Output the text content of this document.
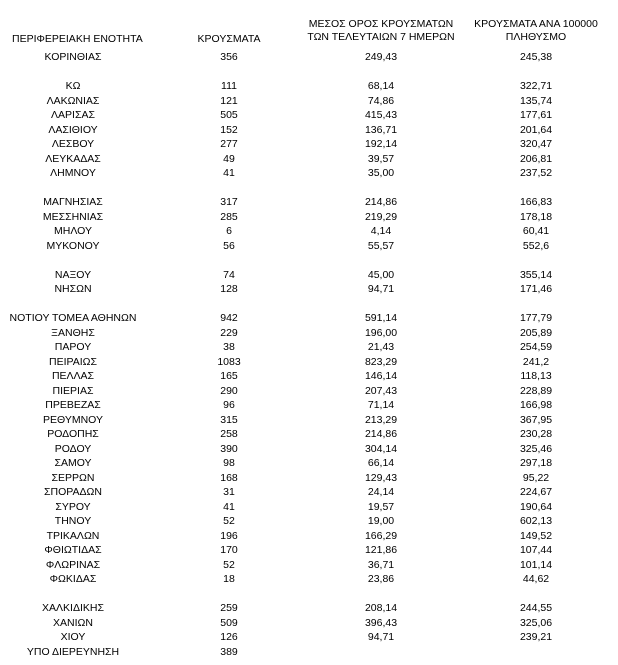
ΠΕΡΙΦΕΡΕΙΑΚΗ ΕΝΟΤΗΤΑ	ΚΡΟΥΣΜΑΤΑ
ΜΕΣΟΣ ΟΡΟΣ ΚΡΟΥΣΜΑΤΩΝ
ΤΩΝ ΤΕΛΕΥΤΑΙΩΝ 7 ΗΜΕΡΩΝ
ΚΡΟΥΣΜΑΤΑ ΑΝΑ 100000
ΠΛΗΘΥΣΜΟ
ΚΟΡΙΝΘΙΑΣ	356	249,43	245,38
ΚΩ	111	68,14	322,71
ΛΑΚΩΝΙΑΣ	121	74,86	135,74
ΛΑΡΙΣΑΣ	505	415,43	177,61
ΛΑΣΙΘΙΟΥ	152	136,71	201,64
ΛΕΣΒΟΥ	277	192,14	320,47
ΛΕΥΚΑΔΑΣ	49	39,57	206,81
ΛΗΜΝΟΥ	41	35,00	237,52
ΜΑΓΝΗΣΙΑΣ	317	214,86	166,83
ΜΕΣΣΗΝΙΑΣ	285	219,29	178,18
ΜΗΛΟΥ	6	4,14	60,41
ΜΥΚΟΝΟΥ	56	55,57	552,6
ΝΑΞΟΥ	74	45,00	355,14
ΝΗΣΩΝ	128	94,71	171,46
ΝΟΤΙΟΥ ΤΟΜΕΑ ΑΘΗΝΩΝ	942	591,14	177,79
ΞΑΝΘΗΣ	229	196,00	205,89
ΠΑΡΟΥ	38	21,43	254,59
ΠΕΙΡΑΙΩΣ	1083	823,29	241,2
ΠΕΛΛΑΣ	165	146,14	118,13
ΠΙΕΡΙΑΣ	290	207,43	228,89
ΠΡΕΒΕΖΑΣ	96	71,14	166,98
ΡΕΘΥΜΝΟΥ	315	213,29	367,95
ΡΟΔΟΠΗΣ	258	214,86	230,28
ΡΟΔΟΥ	390	304,14	325,46
ΣΑΜΟΥ	98	66,14	297,18
ΣΕΡΡΩΝ	168	129,43	95,22
ΣΠΟΡΑΔΩΝ	31	24,14	224,67
ΣΥΡΟΥ	41	19,57	190,64
ΤΗΝΟΥ	52	19,00	602,13
ΤΡΙΚΑΛΩΝ	196	166,29	149,52
ΦΘΙΩΤΙΔΑΣ	170	121,86	107,44
ΦΛΩΡΙΝΑΣ	52	36,71	101,14
ΦΩΚΙΔΑΣ	18	23,86	44,62
ΧΑΛΚΙΔΙΚΗΣ	259	208,14	244,55
ΧΑΝΙΩΝ	509	396,43	325,06
ΧΙΟΥ	126	94,71	239,21
ΥΠΟ ΔΙΕΡΕΥΝΗΣΗ	389
